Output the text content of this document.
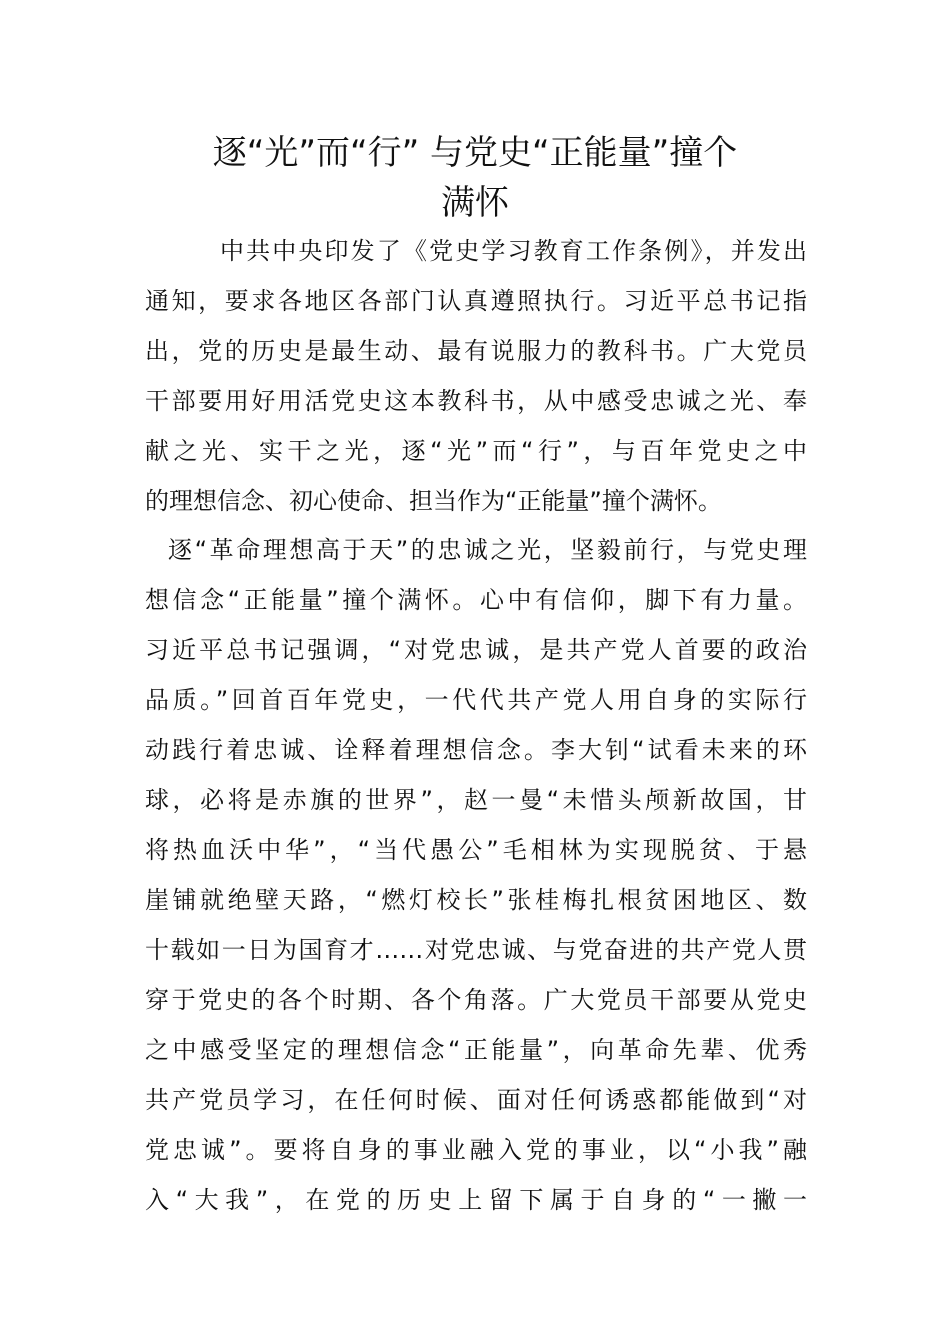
逐“光”而“行” 与党史“正能量”撞个
满怀

中共中央印发了《党史学习教育工作条例》，并发出

通知，要求各地区各部门认真遵照执行。习近平总书记指

出，党的历史是最生动、最有说服力的教科书。广大党员

干部要用好用活党史这本教科书，从中感受忠诚之光、奉

献之光、实干之光，逐“光”而“行”，与百年党史之中

的理想信念、初心使命、担当作为“正能量”撞个满怀。

逐“革命理想高于天”的忠诚之光，坚毅前行，与党史理

想信念“正能量”撞个满怀。心中有信仰，脚下有力量。

习近平总书记强调，“对党忠诚，是共产党人首要的政治

品质。”回首百年党史，一代代共产党人用自身的实际行

动践行着忠诚、诠释着理想信念。李大钊“试看未来的环

球，必将是赤旗的世界”，赵一曼“未惜头颅新故国，甘

将热血沃中华”，“当代愚公”毛相林为实现脱贫、于悬

崖铺就绝壁天路，“燃灯校长”张桂梅扎根贫困地区、数

十载如一日为国育才……对党忠诚、与党奋进的共产党人贯

穿于党史的各个时期、各个角落。广大党员干部要从党史

之中感受坚定的理想信念“正能量”，向革命先辈、优秀

共产党员学习，在任何时候、面对任何诱惑都能做到“对

党忠诚”。要将自身的事业融入党的事业，以“小我”融

入“大我”，在党的历史上留下属于自身的“一撇一
